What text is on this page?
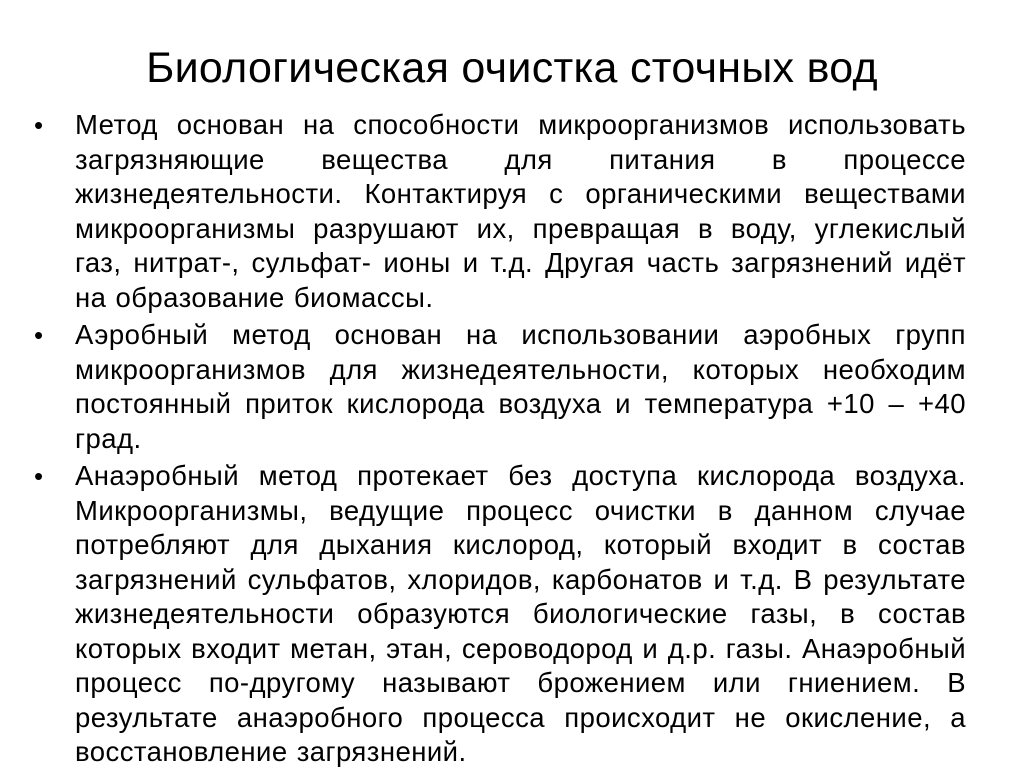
Биологическая очистка сточных вод
• Метод основан на способности микроорганизмов использовать загрязняющие вещества для питания в процессе жизнедеятельности. Контактируя с органическими веществами микроорганизмы разрушают их, превращая в воду, углекислый газ, нитрат-, сульфат- ионы и т.д. Другая часть загрязнений идёт на образование биомассы.
• Аэробный метод основан на использовании аэробных групп микроорганизмов для жизнедеятельности, которых необходим постоянный приток кислорода воздуха и температура +10 – +40 град.
• Анаэробный метод протекает без доступа кислорода воздуха. Микроорганизмы, ведущие процесс очистки в данном случае потребляют для дыхания кислород, который входит в состав загрязнений сульфатов, хлоридов, карбонатов и т.д. В результате жизнедеятельности образуются биологические газы, в состав которых входит метан, этан, сероводород и д.р. газы. Анаэробный процесс по-другому называют брожением или гниением. В результате анаэробного процесса происходит не окисление, а восстановление загрязнений.
